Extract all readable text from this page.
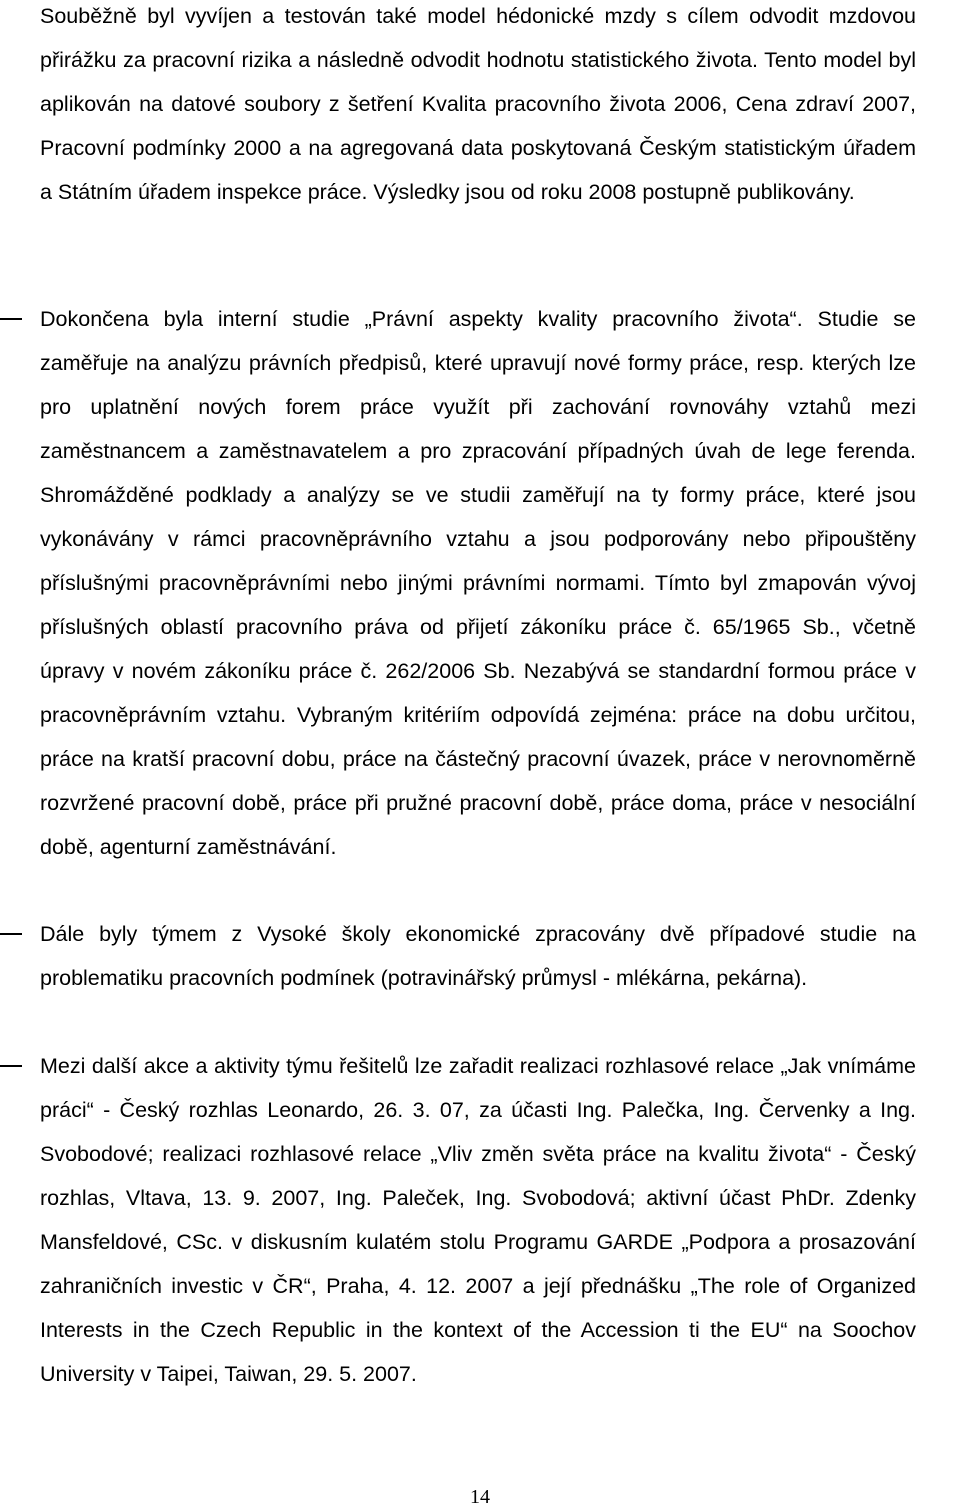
Souběžně byl vyvíjen a testován také model hédonické mzdy s cílem odvodit mzdovou přirážku za pracovní rizika a následně odvodit hodnotu statistického života. Tento model byl aplikován na datové soubory z šetření Kvalita pracovního života 2006, Cena zdraví 2007, Pracovní podmínky 2000 a na agregovaná data poskytovaná Českým statistickým úřadem a Státním úřadem inspekce práce. Výsledky jsou od roku 2008 postupně publikovány.

Dokončena byla interní studie „Právní aspekty kvality pracovního života“. Studie se zaměřuje na analýzu právních předpisů, které upravují nové formy práce, resp. kterých lze pro uplatnění nových forem práce využít při zachování rovnováhy vztahů mezi zaměstnancem a zaměstnavatelem a pro zpracování případných úvah de lege ferenda. Shromážděné podklady a analýzy se ve studii zaměřují na ty formy práce, které jsou vykonávány v rámci pracovněprávního vztahu a jsou podporovány nebo připouštěny příslušnými pracovněprávními nebo jinými právními normami. Tímto byl zmapován vývoj příslušných oblastí pracovního práva od přijetí zákoníku práce č. 65/1965 Sb., včetně úpravy v novém zákoníku práce č. 262/2006 Sb. Nezabývá se standardní formou práce v pracovněprávním vztahu. Vybraným kritériím odpovídá zejména: práce na dobu určitou, práce na kratší pracovní dobu, práce na částečný pracovní úvazek, práce v nerovnoměrně rozvržené pracovní době, práce při pružné pracovní době, práce doma, práce v nesociální době, agenturní zaměstnávání.

Dále byly týmem z Vysoké školy ekonomické zpracovány dvě případové studie na problematiku pracovních podmínek (potravinářský průmysl - mlékárna, pekárna).

Mezi další akce a aktivity týmu řešitelů lze zařadit realizaci rozhlasové relace „Jak vnímáme práci“ - Český rozhlas Leonardo, 26. 3. 07, za účasti Ing. Palečka, Ing. Červenky a Ing. Svobodové; realizaci rozhlasové relace „Vliv změn světa práce na kvalitu života“ - Český rozhlas, Vltava, 13. 9. 2007, Ing. Paleček, Ing. Svobodová; aktivní účast PhDr. Zdenky Mansfeldové, CSc. v diskusním kulatém stolu Programu GARDE „Podpora a prosazování zahraničních investic v ČR“, Praha, 4. 12. 2007 a její přednášku „The role of Organized Interests in the Czech Republic in the kontext of the Accession ti the EU“ na Soochov University v Taipei, Taiwan, 29. 5. 2007.

14
